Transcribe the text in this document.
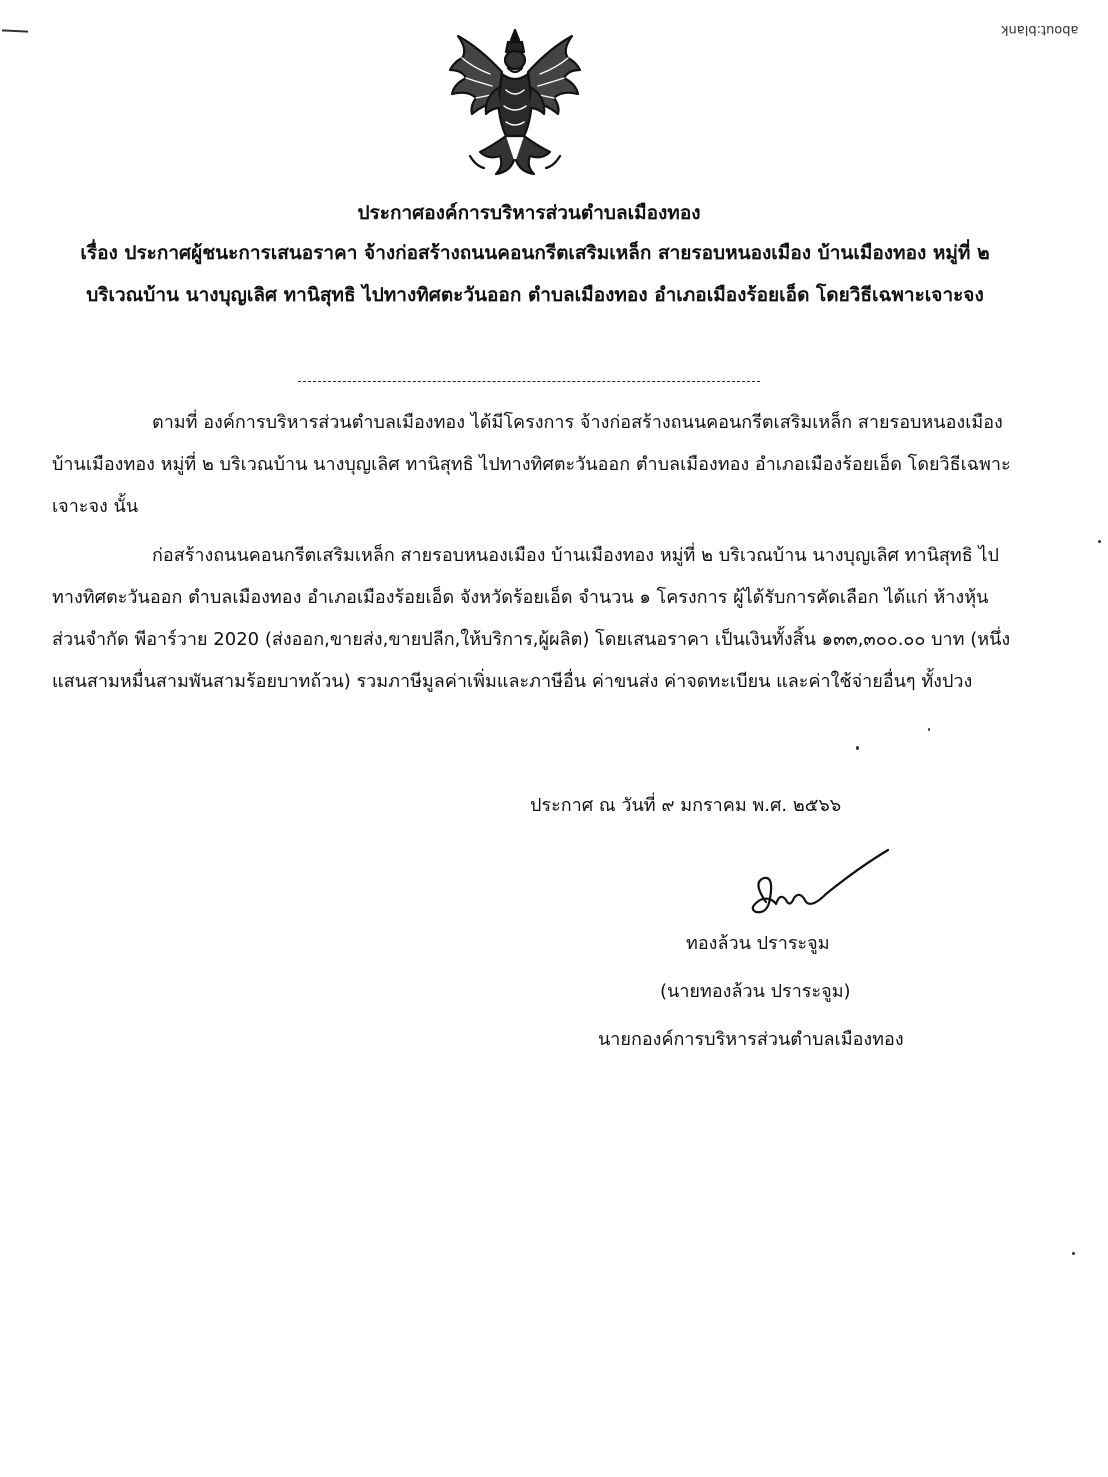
about:blank
ประกาศองค์การบริหารส่วนตำบลเมืองทอง
เรื่อง ประกาศผู้ชนะการเสนอราคา จ้างก่อสร้างถนนคอนกรีตเสริมเหล็ก สายรอบหนองเมือง บ้านเมืองทอง หมู่ที่ ๒ บริเวณบ้าน นางบุญเลิศ ทานิสุทธิ ไปทางทิศตะวันออก ตำบลเมืองทอง อำเภอเมืองร้อยเอ็ด โดยวิธีเฉพาะเจาะจง

ตามที่ องค์การบริหารส่วนตำบลเมืองทอง ได้มีโครงการ จ้างก่อสร้างถนนคอนกรีตเสริมเหล็ก สายรอบหนองเมือง บ้านเมืองทอง หมู่ที่ ๒ บริเวณบ้าน นางบุญเลิศ ทานิสุทธิ ไปทางทิศตะวันออก ตำบลเมืองทอง อำเภอเมืองร้อยเอ็ด โดยวิธีเฉพาะเจาะจง นั้น

ก่อสร้างถนนคอนกรีตเสริมเหล็ก สายรอบหนองเมือง บ้านเมืองทอง หมู่ที่ ๒ บริเวณบ้าน นางบุญเลิศ ทานิสุทธิ ไปทางทิศตะวันออก ตำบลเมืองทอง อำเภอเมืองร้อยเอ็ด จังหวัดร้อยเอ็ด จำนวน ๑ โครงการ ผู้ได้รับการคัดเลือก ได้แก่ ห้างหุ้นส่วนจำกัด พีอาร์วาย 2020 (ส่งออก,ขายส่ง,ขายปลีก,ให้บริการ,ผู้ผลิต) โดยเสนอราคา เป็นเงินทั้งสิ้น ๑๓๓,๓๐๐.๐๐ บาท (หนึ่งแสนสามหมื่นสามพันสามร้อยบาทถ้วน) รวมภาษีมูลค่าเพิ่มและภาษีอื่น ค่าขนส่ง ค่าจดทะเบียน และค่าใช้จ่ายอื่นๆ ทั้งปวง

ประกาศ ณ วันที่ ๙ มกราคม พ.ศ. ๒๕๖๖
ทองล้วน ปราระจูม
(นายทองล้วน ปราระจูม)
นายกองค์การบริหารส่วนตำบลเมืองทอง
